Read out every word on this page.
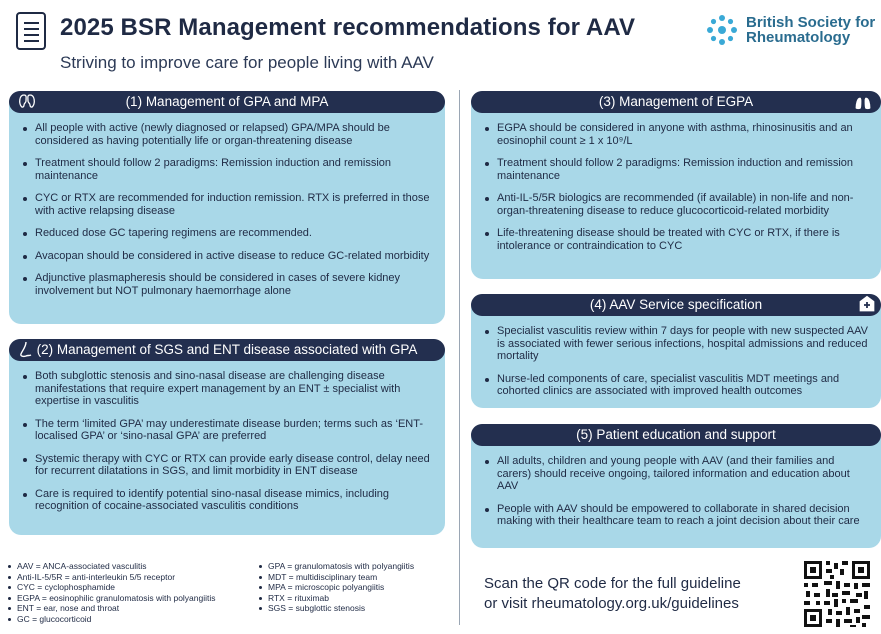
2025 BSR Management recommendations for AAV
Striving to improve care for people living with AAV
British Society for
Rheumatology
(1) Management of GPA and MPA
All people with active (newly diagnosed or relapsed) GPA/MPA should be considered as having potentially life or organ-threatening disease
Treatment should follow 2 paradigms: Remission induction and remission maintenance
CYC or RTX are recommended for induction remission. RTX is preferred in those with active relapsing disease
Reduced dose GC tapering regimens are recommended.
Avacopan should be considered in active disease to reduce GC-related morbidity
Adjunctive plasmapheresis should be considered in cases of severe kidney involvement but NOT pulmonary haemorrhage alone
(2) Management of SGS and ENT disease associated with GPA
Both subglottic stenosis and sino-nasal disease are challenging disease manifestations that require expert management by an ENT ± specialist with expertise in vasculitis
The term ‘limited GPA’ may underestimate disease burden; terms such as ‘ENT-localised GPA’ or ‘sino-nasal GPA’ are preferred
Systemic therapy with CYC or RTX can provide early disease control, delay need for recurrent dilatations in SGS, and limit morbidity in ENT disease
Care is required to identify potential sino-nasal disease mimics, including recognition of cocaine-associated vasculitis conditions
(3) Management of EGPA
EGPA should be considered in anyone with asthma, rhinosinusitis and an eosinophil count ≥ 1 x 10⁹/L
Treatment should follow 2 paradigms: Remission induction and remission maintenance
Anti-IL-5/5R biologics are recommended (if available) in non-life and non-organ-threatening disease to reduce glucocorticoid-related morbidity
Life-threatening disease should be treated with CYC or RTX, if there is intolerance or contraindication to CYC
(4) AAV Service specification
Specialist vasculitis review within 7 days for people with new suspected AAV is associated with fewer serious infections, hospital admissions and reduced mortality
Nurse-led components of care, specialist vasculitis MDT meetings and cohorted clinics are associated with improved health outcomes
(5) Patient education and support
All adults, children and young people with AAV (and their families and carers) should receive ongoing, tailored information and education about AAV
People with AAV should be empowered to collaborate in shared decision making with their healthcare team to reach a joint decision about their care
AAV = ANCA-associated vasculitis
Anti-IL-5/5R = anti-interleukin 5/5 receptor
CYC = cyclophosphamide
EGPA = eosinophilic granulomatosis with polyangiitis
ENT = ear, nose and throat
GC = glucocorticoid
GPA = granulomatosis with polyangiitis
MDT = multidisciplinary team
MPA = microscopic polyangiitis
RTX = rituximab
SGS = subglottic stenosis
Scan the QR code for the full guideline
or visit rheumatology.org.uk/guidelines
